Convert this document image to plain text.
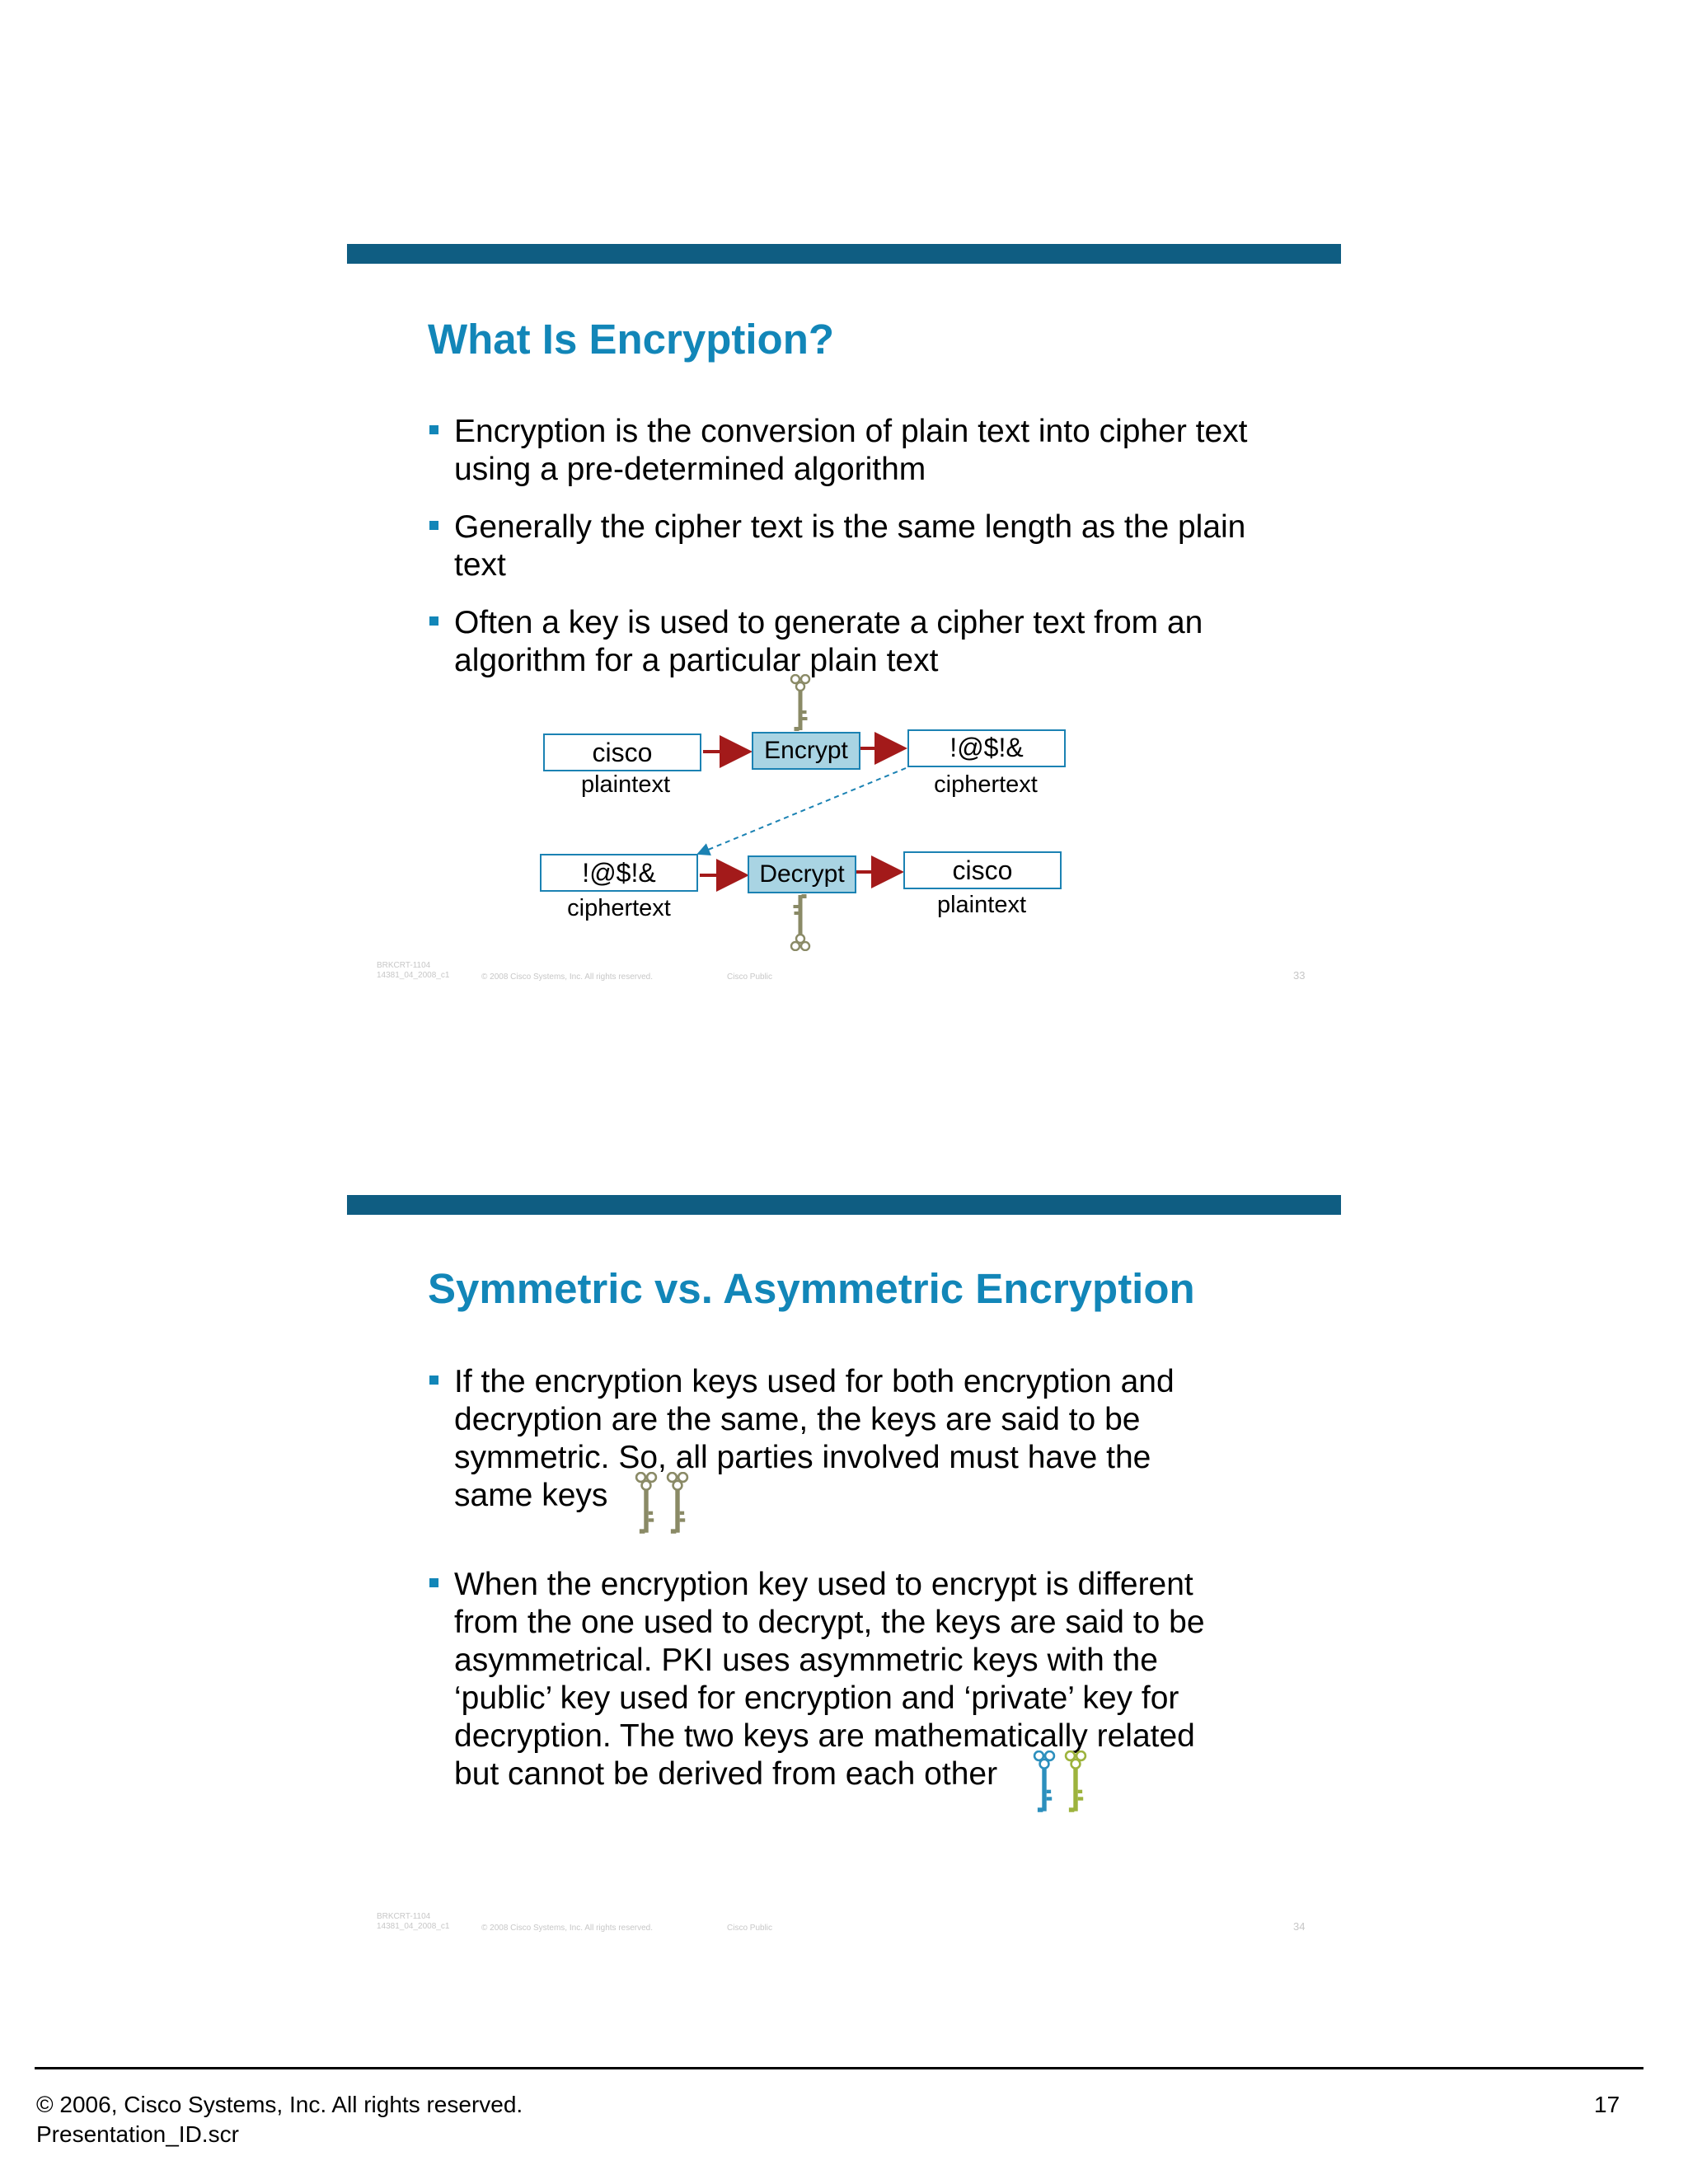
What Is Encryption?
Encryption is the conversion of plain text into cipher text using a pre-determined algorithm
Generally the cipher text is the same length as the plain text
Often a key is used to generate a cipher text from an algorithm for a particular plain text
cisco
plaintext
Encrypt	!@$!&
ciphertext
!@$!&
ciphertext
Decrypt	cisco
plaintext
BRKCRT-1104
14381_04_2008_c1	© 2008 Cisco Systems, Inc. All rights reserved.	Cisco Public	33
Symmetric vs. Asymmetric Encryption
If the encryption keys used for both encryption and decryption are the same, the keys are said to be symmetric. So, all parties involved must have the same keys
When the encryption key used to encrypt is different from the one used to decrypt, the keys are said to be asymmetrical. PKI uses asymmetric keys with the ‘public’ key used for encryption and ‘private’ key for decryption. The two keys are mathematically related but cannot be derived from each other
BRKCRT-1104
14381_04_2008_c1	© 2008 Cisco Systems, Inc. All rights reserved.	Cisco Public	34
© 2006, Cisco Systems, Inc. All rights reserved.
Presentation_ID.scr
17
